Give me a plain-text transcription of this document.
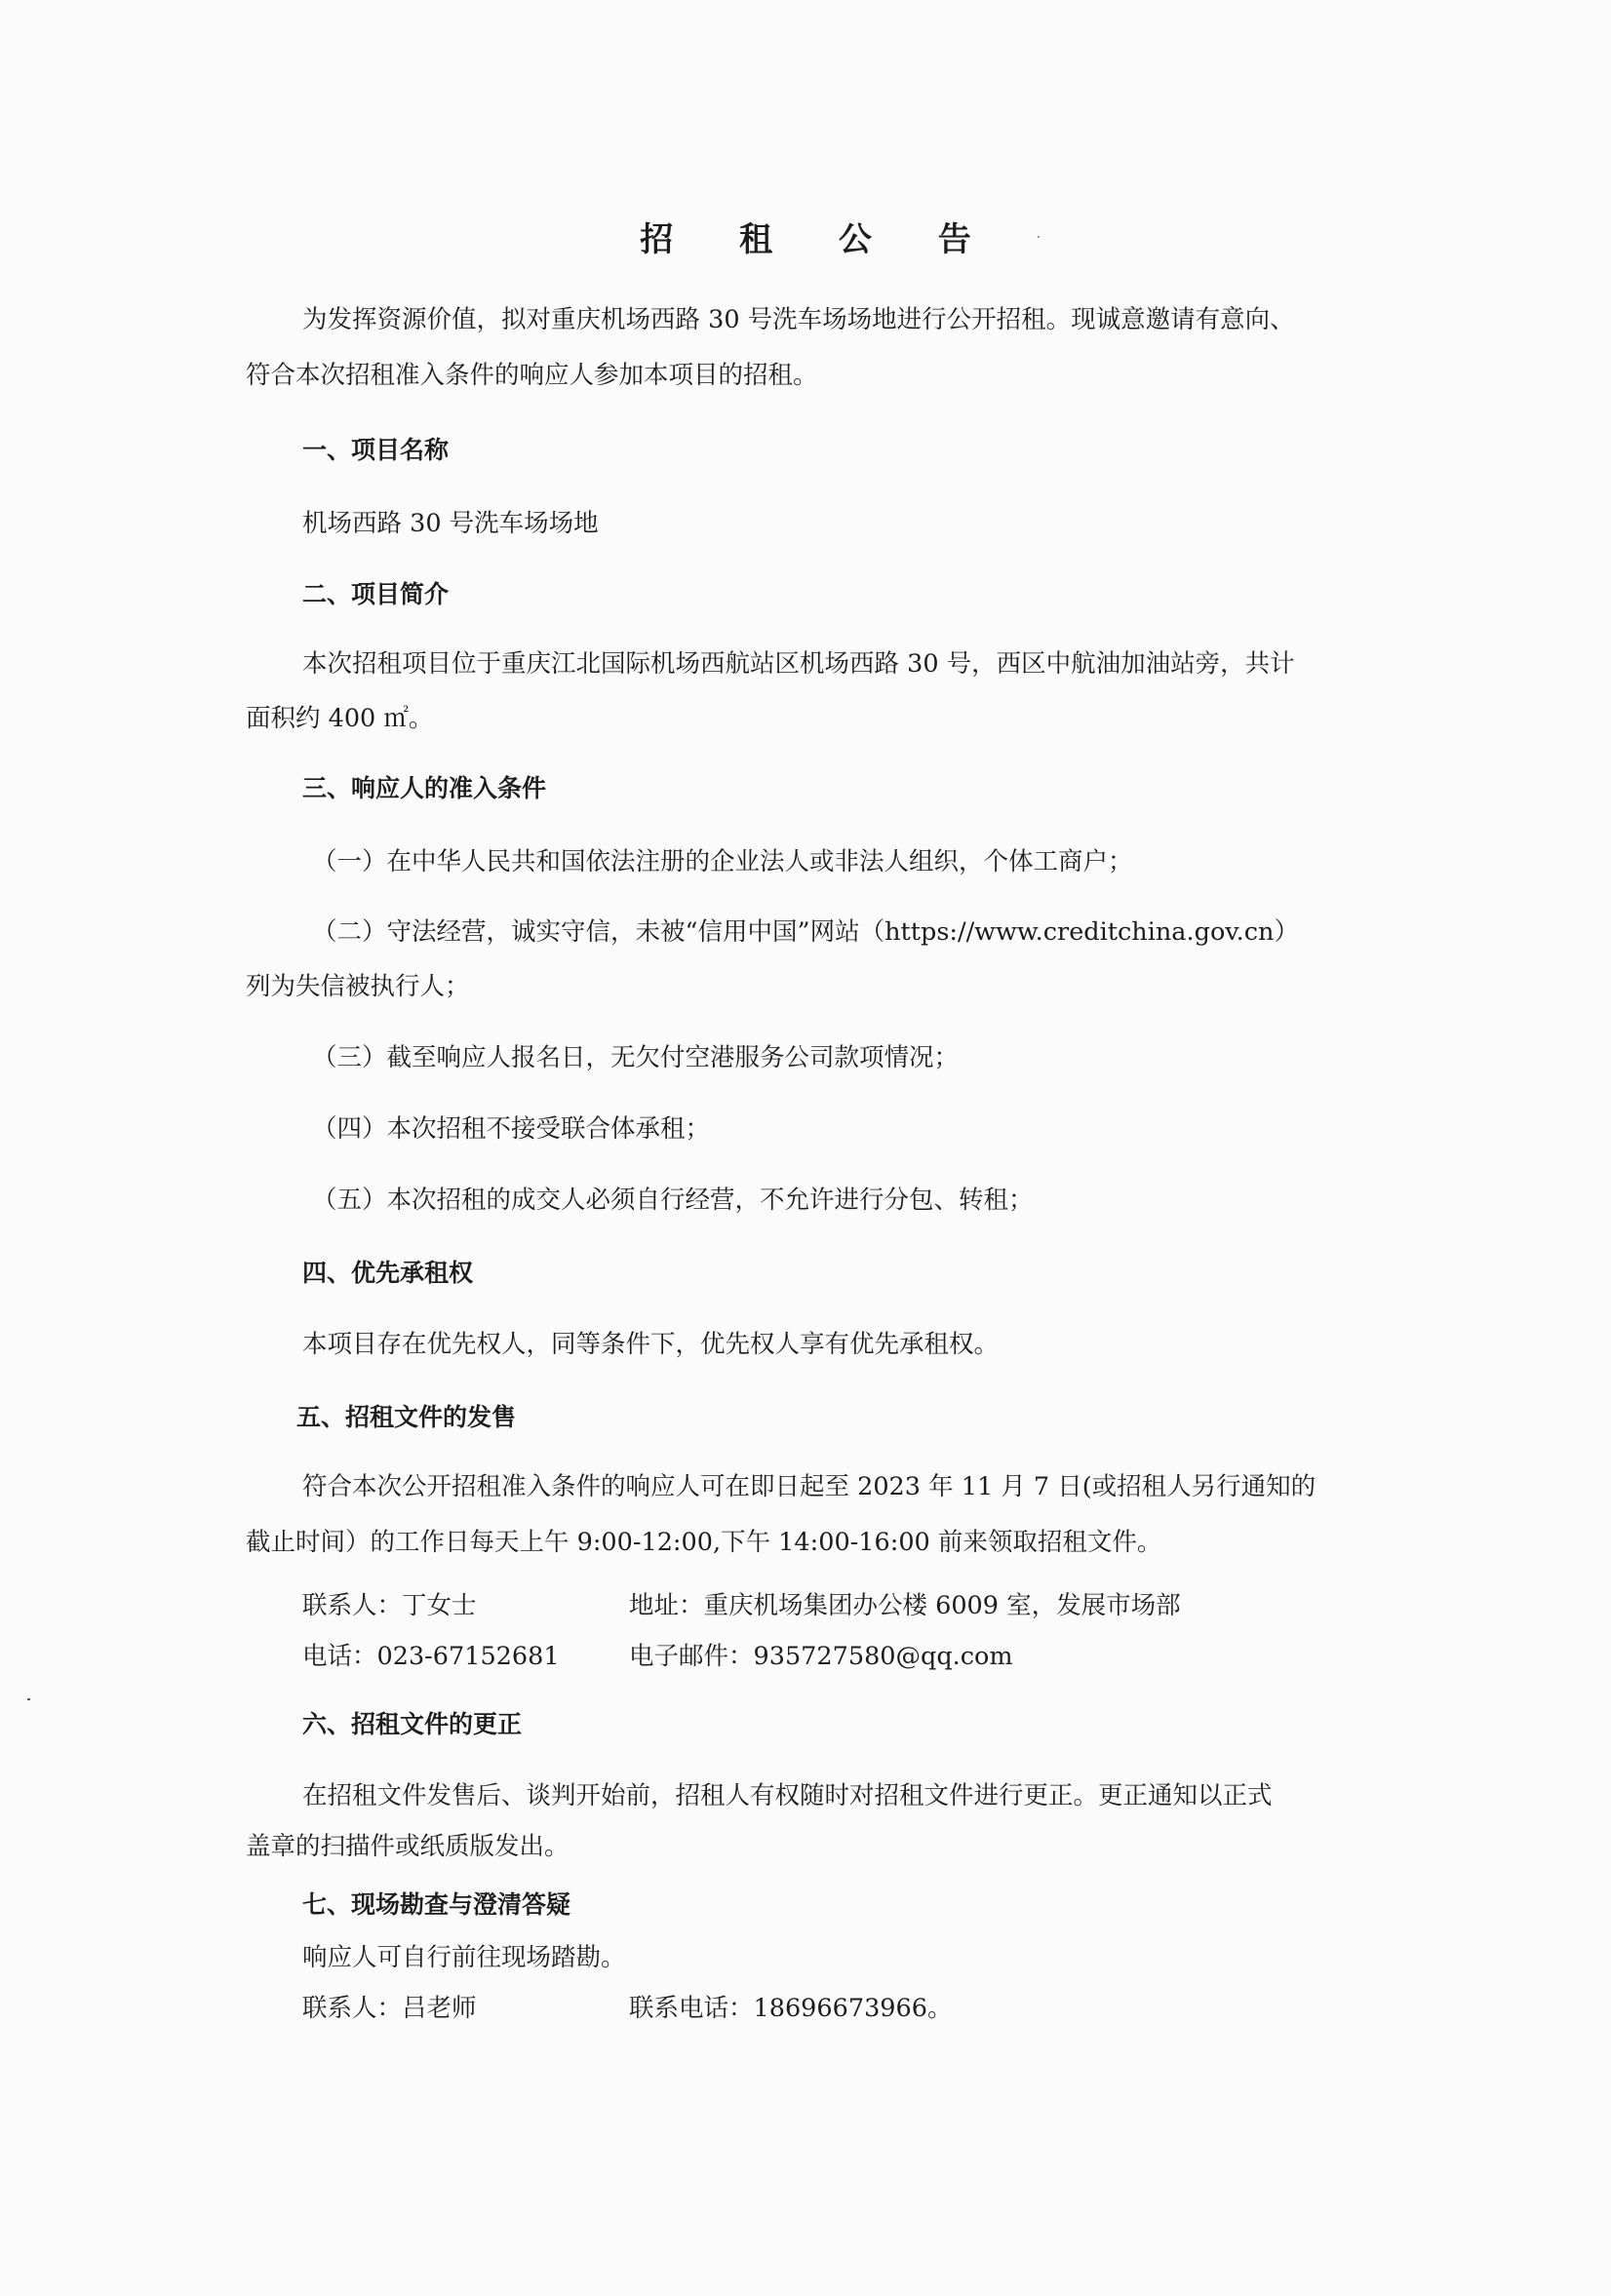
招 租 公 告
为发挥资源价值，拟对重庆机场西路 30 号洗车场场地进行公开招租。现诚意邀请有意向、
符合本次招租准入条件的响应人参加本项目的招租。
一、项目名称
机场西路 30 号洗车场场地
二、项目简介
本次招租项目位于重庆江北国际机场西航站区机场西路 30 号，西区中航油加油站旁，共计
面积约 400 ㎡。
三、响应人的准入条件
（一）在中华人民共和国依法注册的企业法人或非法人组织，个体工商户；
（二）守法经营，诚实守信，未被“信用中国”网站（https://www.creditchina.gov.cn）
列为失信被执行人；
（三）截至响应人报名日，无欠付空港服务公司款项情况；
（四）本次招租不接受联合体承租；
（五）本次招租的成交人必须自行经营，不允许进行分包、转租；
四、优先承租权
本项目存在优先权人，同等条件下，优先权人享有优先承租权。
五、招租文件的发售
符合本次公开招租准入条件的响应人可在即日起至 2023 年 11 月 7 日(或招租人另行通知的
截止时间）的工作日每天上午 9:00-12:00,下午 14:00-16:00 前来领取招租文件。
联系人：丁女士	地址：重庆机场集团办公楼 6009 室，发展市场部
电话：023-67152681	电子邮件：935727580@qq.com
六、招租文件的更正
在招租文件发售后、谈判开始前，招租人有权随时对招租文件进行更正。更正通知以正式
盖章的扫描件或纸质版发出。
七、现场勘查与澄清答疑
响应人可自行前往现场踏勘。
联系人：吕老师	联系电话：18696673966。
